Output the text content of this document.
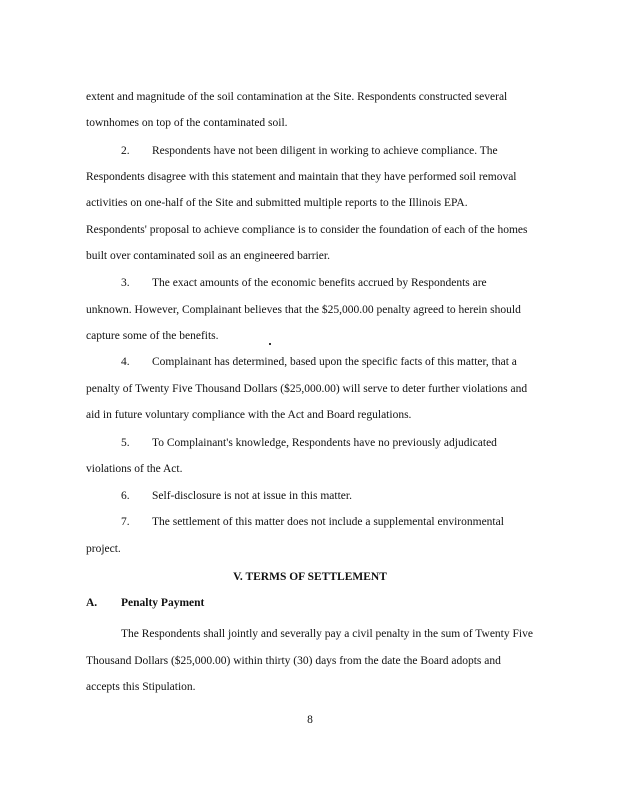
extent and magnitude of the soil contamination at the Site. Respondents constructed several
townhomes on top of the contaminated soil.
2. Respondents have not been diligent in working to achieve compliance. The
Respondents disagree with this statement and maintain that they have performed soil removal
activities on one-half of the Site and submitted multiple reports to the Illinois EPA.
Respondents' proposal to achieve compliance is to consider the foundation of each of the homes
built over contaminated soil as an engineered barrier.
3. The exact amounts of the economic benefits accrued by Respondents are
unknown. However, Complainant believes that the $25,000.00 penalty agreed to herein should
capture some of the benefits.
4. Complainant has determined, based upon the specific facts of this matter, that a
penalty of Twenty Five Thousand Dollars ($25,000.00) will serve to deter further violations and
aid in future voluntary compliance with the Act and Board regulations.
5. To Complainant's knowledge, Respondents have no previously adjudicated
violations of the Act.
6. Self-disclosure is not at issue in this matter.
7. The settlement of this matter does not include a supplemental environmental
project.
V. TERMS OF SETTLEMENT
A. Penalty Payment
The Respondents shall jointly and severally pay a civil penalty in the sum of Twenty Five
Thousand Dollars ($25,000.00) within thirty (30) days from the date the Board adopts and
accepts this Stipulation.
8
